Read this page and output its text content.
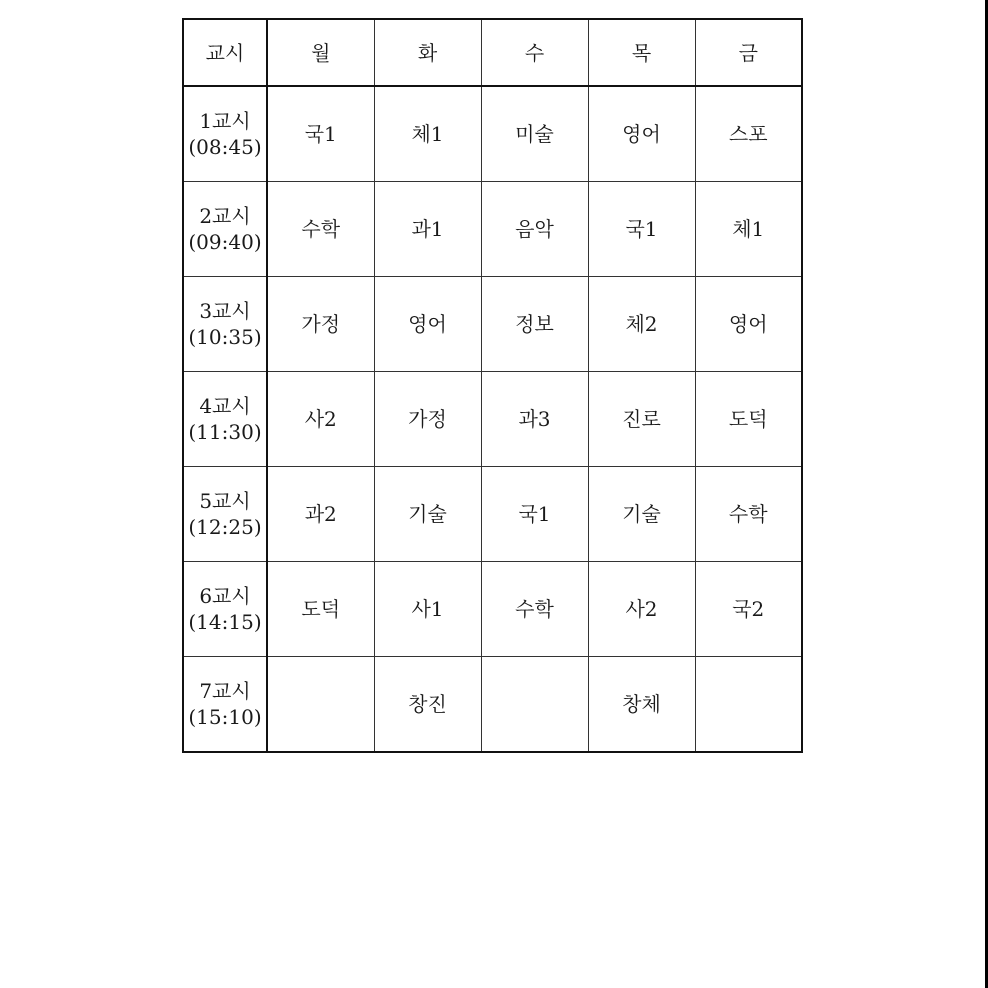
교시	월	화	수	목	금

1교시
(08:45)	국1	체1	미술	영어	스포

2교시
(09:40)	수학	과1	음악	국1	체1

3교시
(10:35)	가정	영어	정보	체2	영어

4교시
(11:30)	사2	가정	과3	진로	도덕

5교시
(12:25)	과2	기술	국1	기술	수학

6교시
(14:15)	도덕	사1	수학	사2	국2

7교시
(15:10)		창진		창체	
